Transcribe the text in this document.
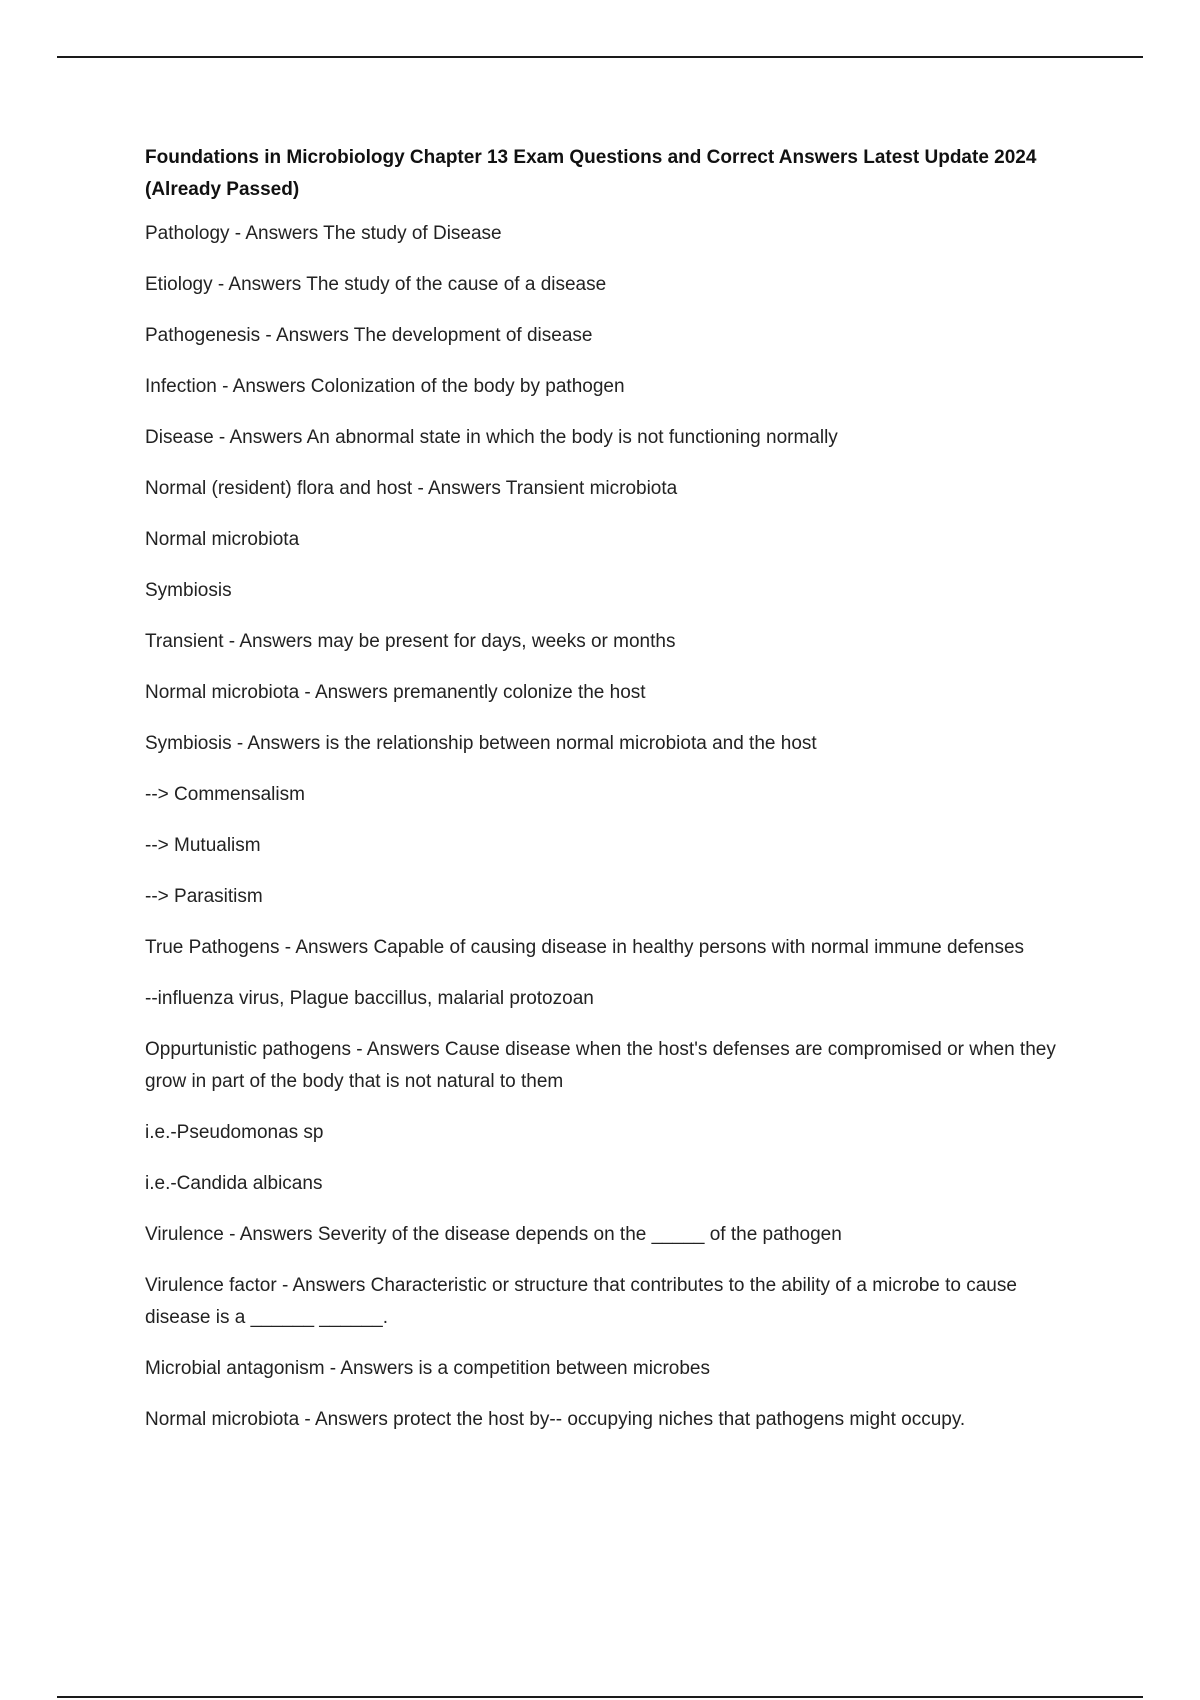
Foundations in Microbiology Chapter 13 Exam Questions and Correct Answers Latest Update 2024 (Already Passed)
Pathology - Answers The study of Disease
Etiology - Answers The study of the cause of a disease
Pathogenesis - Answers The development of disease
Infection - Answers Colonization of the body by pathogen
Disease - Answers An abnormal state in which the body is not functioning normally
Normal (resident) flora and host - Answers Transient microbiota
Normal microbiota
Symbiosis
Transient - Answers may be present for days, weeks or months
Normal microbiota - Answers premanently colonize the host
Symbiosis - Answers is the relationship between normal microbiota and the host
--> Commensalism
--> Mutualism
--> Parasitism
True Pathogens - Answers Capable of causing disease in healthy persons with normal immune defenses
--influenza virus, Plague baccillus, malarial protozoan
Oppurtunistic pathogens - Answers Cause disease when the host's defenses are compromised or when they grow in part of the body that is not natural to them
i.e.-Pseudomonas sp
i.e.-Candida albicans
Virulence - Answers Severity of the disease depends on the _____ of the pathogen
Virulence factor - Answers Characteristic or structure that contributes to the ability of a microbe to cause disease is a ______ ______.
Microbial antagonism - Answers is a competition between microbes
Normal microbiota - Answers protect the host by-- occupying niches that pathogens might occupy.
